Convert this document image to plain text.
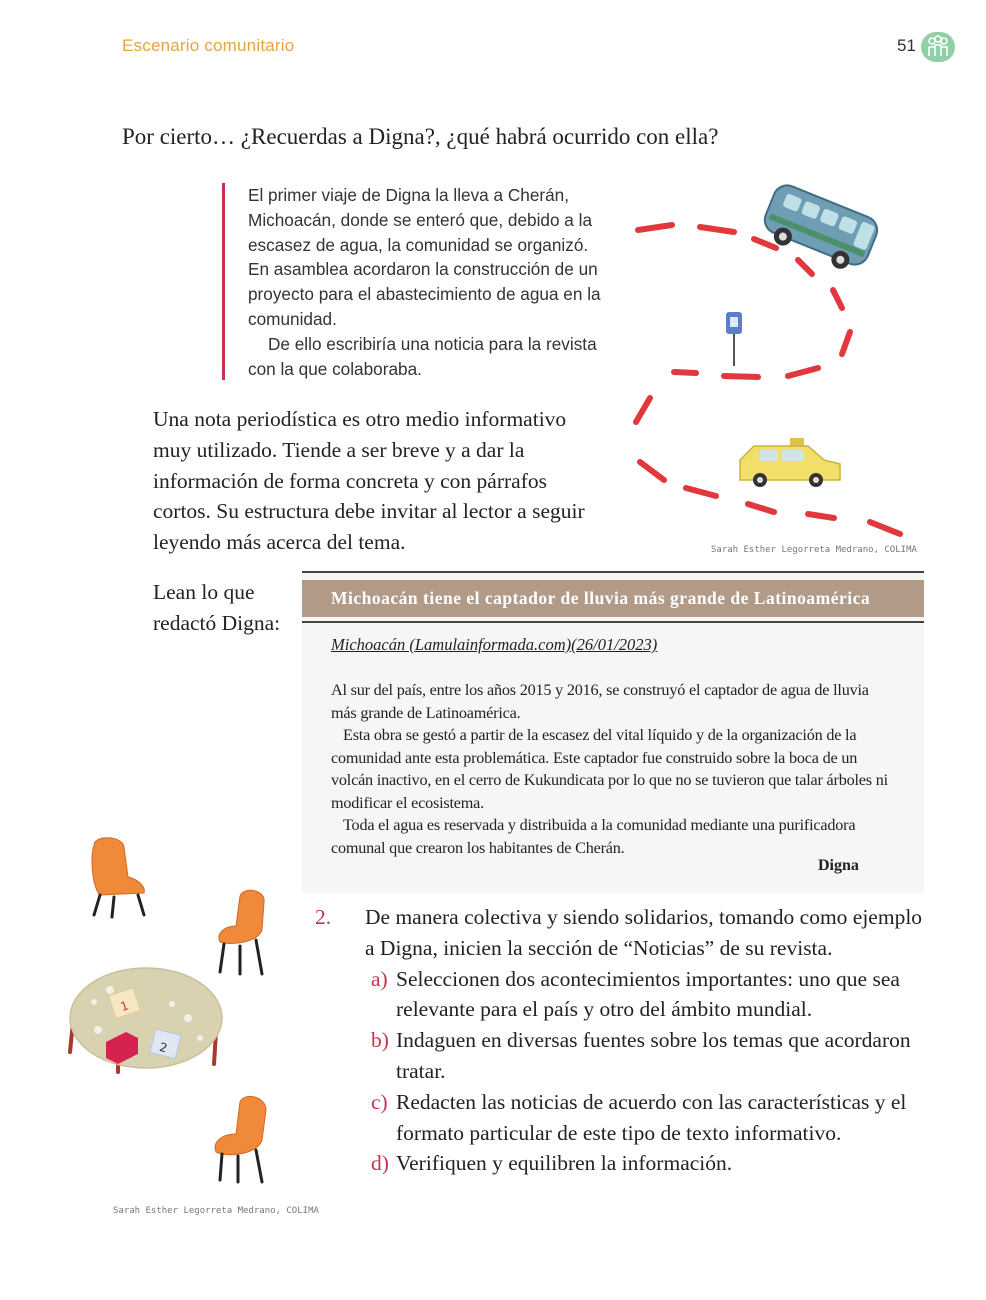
Escenario comunitario	51
Por cierto… ¿Recuerdas a Digna?, ¿qué habrá ocurrido con ella?

El primer viaje de Digna la lleva a Cherán, Michoacán, donde se enteró que, debido a la escasez de agua, la comunidad se organizó. En asamblea acordaron la construcción de un proyecto para el abastecimiento de agua en la comunidad.

De ello escribiría una noticia para la revista con la que colaboraba.

Sarah Esther Legorreta Medrano, COLIMA
Una nota periodística es otro medio informativo muy utilizado. Tiende a ser breve y a dar la información de forma concreta y con párrafos cortos. Su estructura debe invitar al lector a seguir leyendo más acerca del tema.
Lean lo que redactó Digna:
Michoacán tiene el captador de lluvia más grande de Latinoamérica
Michoacán (Lamulainformada.com)(26/01/2023)

Al sur del país, entre los años 2015 y 2016, se construyó el captador de agua de lluvia más grande de Latinoamérica.

Esta obra se gestó a partir de la escasez del vital líquido y de la organización de la comunidad ante esta problemática. Este captador fue construido sobre la boca de un volcán inactivo, en el cerro de Kukundicata por lo que no se tuvieron que talar árboles ni modificar el ecosistema.

Toda el agua es reservada y distribuida a la comunidad mediante una purificadora comunal que crearon los habitantes de Cherán.

Digna
1
2
Sarah Esther Legorreta Medrano, COLIMA
2. De manera colectiva y siendo solidarios, tomando como ejemplo a Digna, inicien la sección de “Noticias” de su revista.
a) Seleccionen dos acontecimientos importantes: uno que sea relevante para el país y otro del ámbito mundial.
b) Indaguen en diversas fuentes sobre los temas que acordaron tratar.
c) Redacten las noticias de acuerdo con las características y el formato particular de este tipo de texto informativo.
d) Verifiquen y equilibren la información.
